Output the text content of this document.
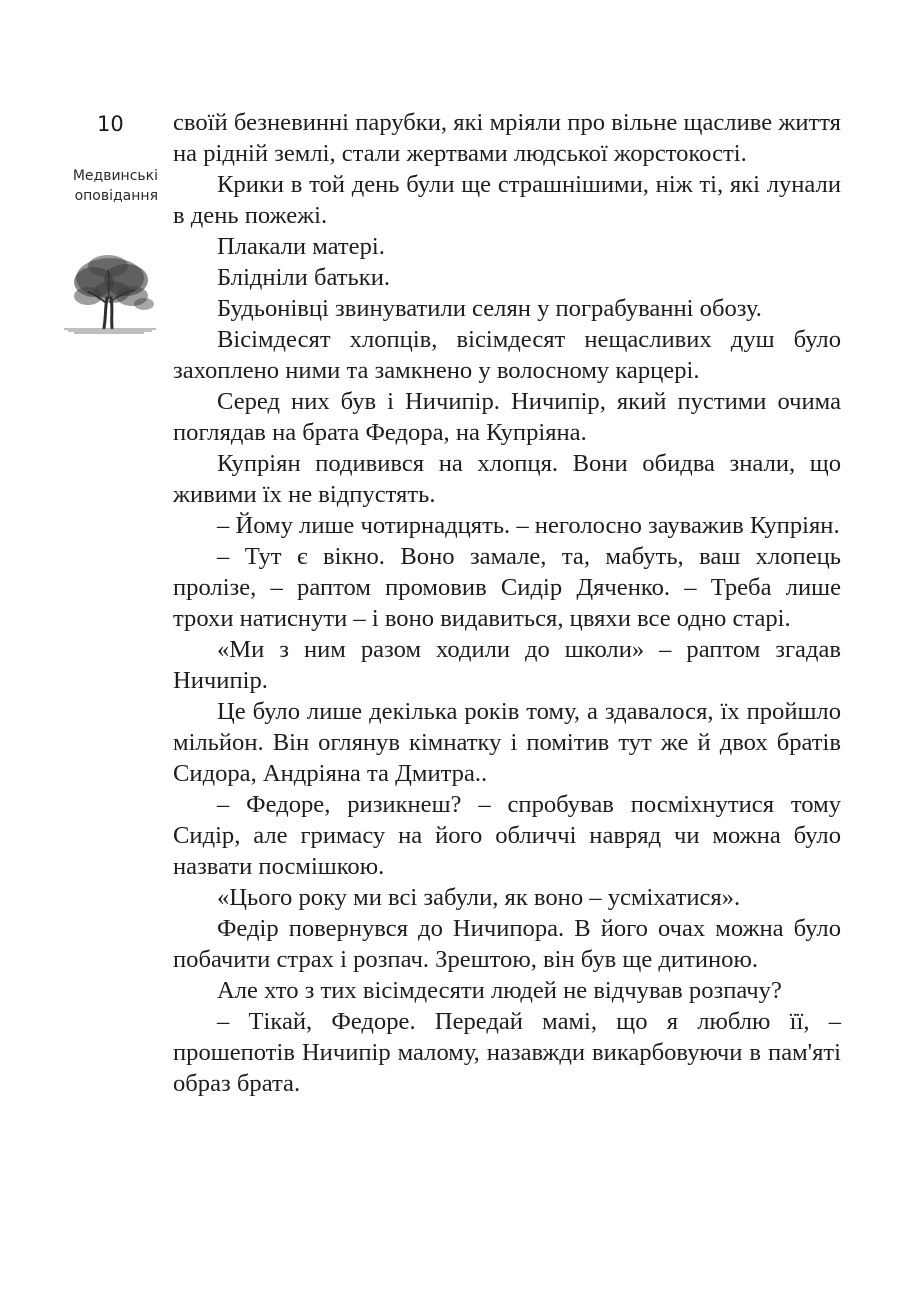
10
Медвинські
оповідання

своїй безневинні парубки, які мріяли про вільне щасливе життя на рідній землі, стали жертвами людської жорстокості.

Крики в той день були ще страшнішими, ніж ті, які лунали в день пожежі.

Плакали матері.

Блідніли батьки.

Будьонівці звинуватили селян у пограбуванні обозу.

Вісімдесят хлопців, вісімдесят нещасливих душ було захоплено ними та замкнено у волосному карцері.

Серед них був і Ничипір. Ничипір, який пустими очима поглядав на брата Федора, на Купріяна.

Купріян подивився на хлопця. Вони обидва знали, що живими їх не відпустять.

– Йому лише чотирнадцять. – неголосно зауважив Купріян.

– Тут є вікно. Воно замале, та, мабуть, ваш хлопець пролізе, – раптом промовив Сидір Дяченко. – Треба лише трохи натиснути – і воно видавиться, цвяхи все одно старі.

«Ми з ним разом ходили до школи» – раптом згадав Ничипір.

Це було лише декілька років тому, а здавалося, їх пройшло мільйон. Він оглянув кімнатку і помітив тут же й двох братів Сидора, Андріяна та Дмитра..

– Федоре, ризикнеш? – спробував посміхнутися тому Сидір, але гримасу на його обличчі навряд чи можна було назвати посмішкою.

«Цього року ми всі забули, як воно – усміхатися».

Федір повернувся до Ничипора. В його очах можна було побачити страх і розпач. Зрештою, він був ще дитиною.

Але хто з тих вісімдесяти людей не відчував розпачу?

– Тікай, Федоре. Передай мамі, що я люблю її, – прошепотів Ничипір малому, назавжди викарбовуючи в пам'яті образ брата.
